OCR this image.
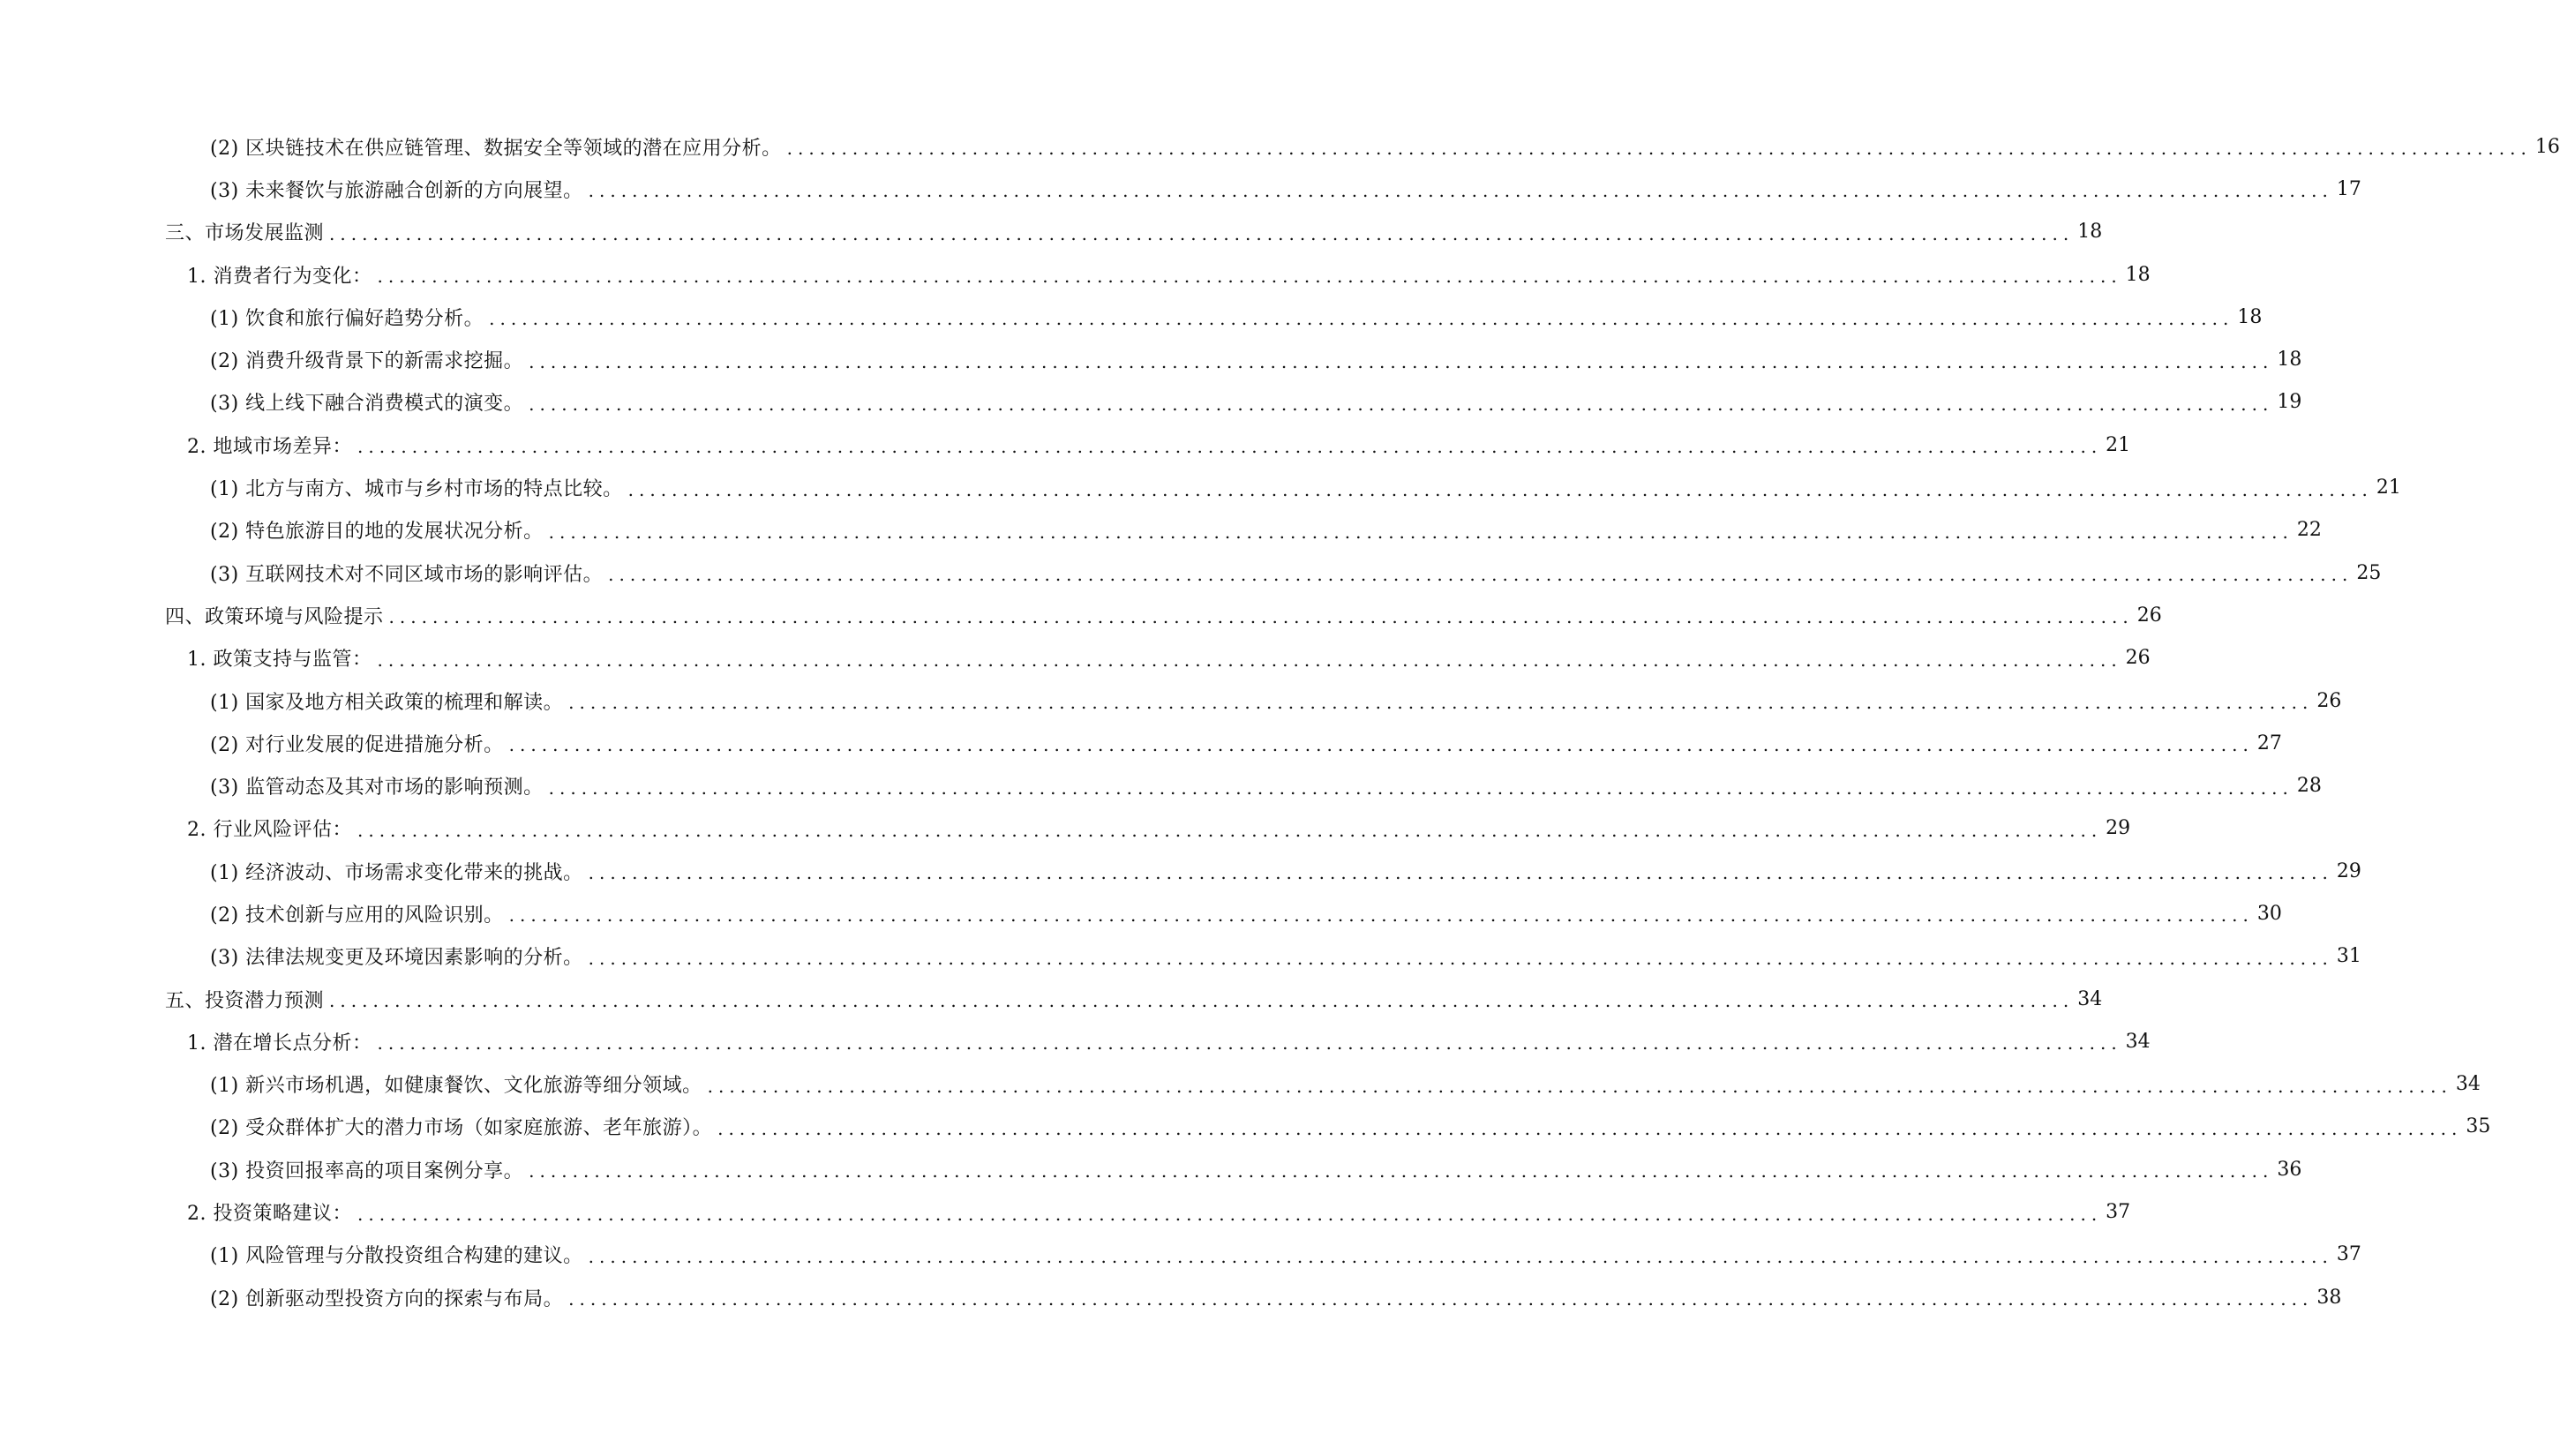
(2) 区块链技术在供应链管理、数据安全等领域的潜在应用分析。 ................................................................................................................................................................ 16
(3) 未来餐饮与旅游融合创新的方向展望。 ................................................................................................................................................................ 17
三、市场发展监测 ................................................................................................................................................................ 18
1. 消费者行为变化： ................................................................................................................................................................ 18
(1) 饮食和旅行偏好趋势分析。 ................................................................................................................................................................ 18
(2) 消费升级背景下的新需求挖掘。 ................................................................................................................................................................ 18
(3) 线上线下融合消费模式的演变。 ................................................................................................................................................................ 19
2. 地域市场差异： ................................................................................................................................................................ 21
(1) 北方与南方、城市与乡村市场的特点比较。 ................................................................................................................................................................ 21
(2) 特色旅游目的地的发展状况分析。 ................................................................................................................................................................ 22
(3) 互联网技术对不同区域市场的影响评估。 ................................................................................................................................................................ 25
四、政策环境与风险提示 ................................................................................................................................................................ 26
1. 政策支持与监管： ................................................................................................................................................................ 26
(1) 国家及地方相关政策的梳理和解读。 ................................................................................................................................................................ 26
(2) 对行业发展的促进措施分析。 ................................................................................................................................................................ 27
(3) 监管动态及其对市场的影响预测。 ................................................................................................................................................................ 28
2. 行业风险评估： ................................................................................................................................................................ 29
(1) 经济波动、市场需求变化带来的挑战。 ................................................................................................................................................................ 29
(2) 技术创新与应用的风险识别。 ................................................................................................................................................................ 30
(3) 法律法规变更及环境因素影响的分析。 ................................................................................................................................................................ 31
五、投资潜力预测 ................................................................................................................................................................ 34
1. 潜在增长点分析： ................................................................................................................................................................ 34
(1) 新兴市场机遇，如健康餐饮、文化旅游等细分领域。 ................................................................................................................................................................ 34
(2) 受众群体扩大的潜力市场（如家庭旅游、老年旅游）。 ................................................................................................................................................................ 35
(3) 投资回报率高的项目案例分享。 ................................................................................................................................................................ 36
2. 投资策略建议： ................................................................................................................................................................ 37
(1) 风险管理与分散投资组合构建的建议。 ................................................................................................................................................................ 37
(2) 创新驱动型投资方向的探索与布局。 ................................................................................................................................................................ 38
